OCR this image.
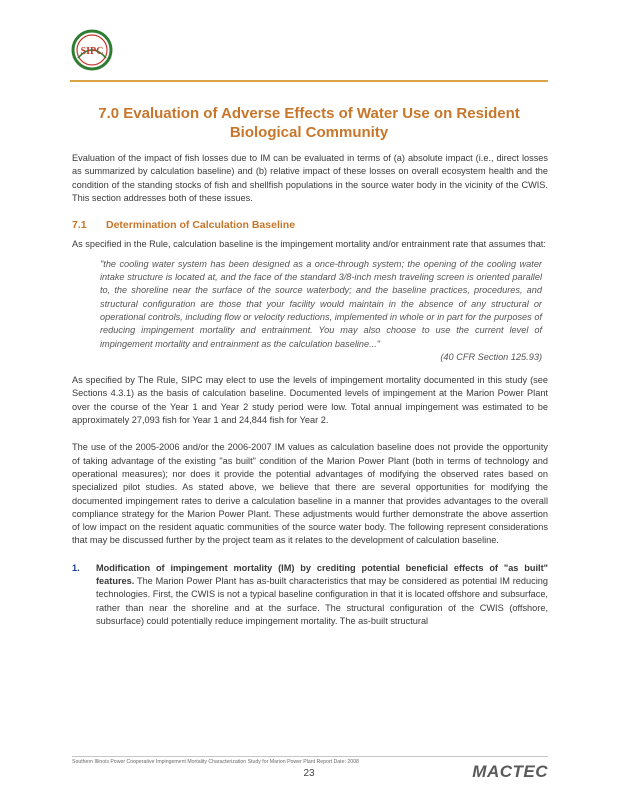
SIPC
7.0 Evaluation of Adverse Effects of Water Use on Resident Biological Community

Evaluation of the impact of fish losses due to IM can be evaluated in terms of (a) absolute impact (i.e., direct losses as summarized by calculation baseline) and (b) relative impact of these losses on overall ecosystem health and the condition of the standing stocks of fish and shellfish populations in the source water body in the vicinity of the CWIS. This section addresses both of these issues.

7.1	Determination of Calculation Baseline

As specified in the Rule, calculation baseline is the impingement mortality and/or entrainment rate that assumes that:

"the cooling water system has been designed as a once-through system; the opening of the cooling water intake structure is located at, and the face of the standard 3/8-inch mesh traveling screen is oriented parallel to, the shoreline near the surface of the source waterbody; and the baseline practices, procedures, and structural configuration are those that your facility would maintain in the absence of any structural or operational controls, including flow or velocity reductions, implemented in whole or in part for the purposes of reducing impingement mortality and entrainment. You may also choose to use the current level of impingement mortality and entrainment as the calculation baseline..."
(40 CFR Section 125.93)

As specified by The Rule, SIPC may elect to use the levels of impingement mortality documented in this study (see Sections 4.3.1) as the basis of calculation baseline. Documented levels of impingement at the Marion Power Plant over the course of the Year 1 and Year 2 study period were low. Total annual impingement was estimated to be approximately 27,093 fish for Year 1 and 24,844 fish for Year 2.

The use of the 2005-2006 and/or the 2006-2007 IM values as calculation baseline does not provide the opportunity of taking advantage of the existing "as built" condition of the Marion Power Plant (both in terms of technology and operational measures); nor does it provide the potential advantages of modifying the observed rates based on specialized pilot studies. As stated above, we believe that there are several opportunities for modifying the documented impingement rates to derive a calculation baseline in a manner that provides advantages to the overall compliance strategy for the Marion Power Plant. These adjustments would further demonstrate the above assertion of low impact on the resident aquatic communities of the source water body. The following represent considerations that may be discussed further by the project team as it relates to the development of calculation baseline.

1.	Modification of impingement mortality (IM) by crediting potential beneficial effects of "as built" features. The Marion Power Plant has as-built characteristics that may be considered as potential IM reducing technologies. First, the CWIS is not a typical baseline configuration in that it is located offshore and subsurface, rather than near the shoreline and at the surface. The structural configuration of the CWIS (offshore, subsurface) could potentially reduce impingement mortality. The as-built structural
Southern Illinois Power Cooperative Impingement Mortality Characterization Study for Marion Power Plant Report Date: 2008
23	MACTEC
